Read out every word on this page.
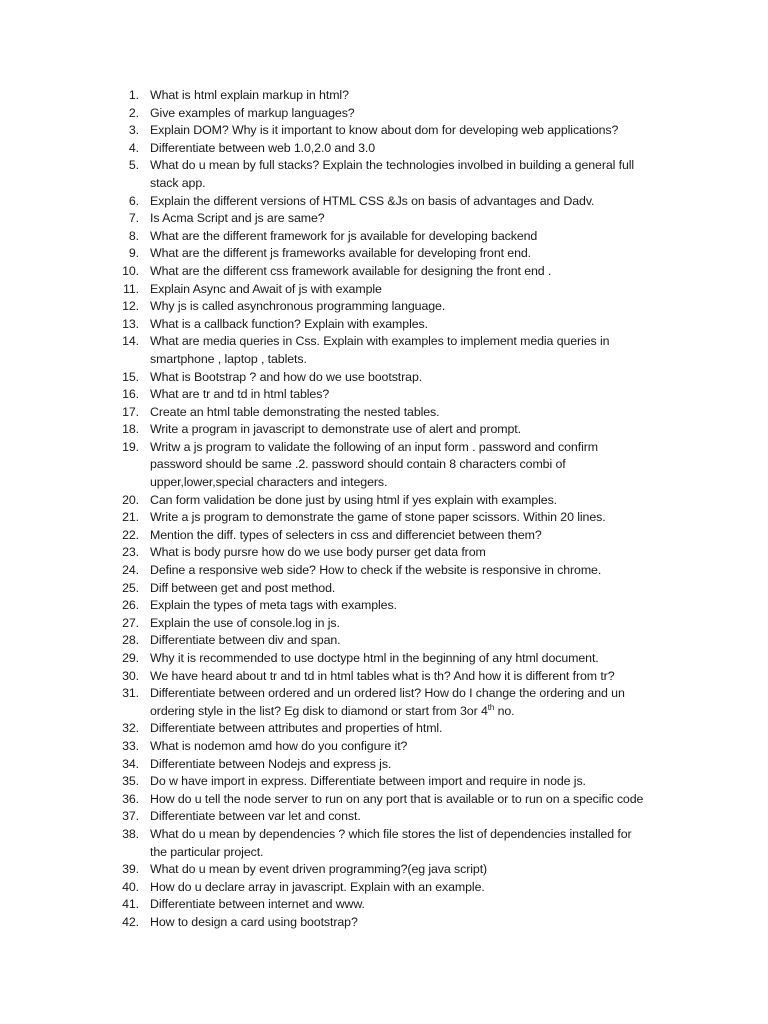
1. What is html explain markup in html?
2. Give examples of markup languages?
3. Explain DOM? Why is it important to know about dom for developing web applications?
4. Differentiate between web 1.0,2.0 and 3.0
5. What do u mean by full stacks? Explain the technologies involbed in building a general full
stack app.
6. Explain the different versions of HTML CSS &Js on basis of advantages and Dadv.
7. Is Acma Script and js are same?
8. What are the different framework for js available for developing backend
9. What are the different js frameworks available for developing front end.
10. What are the different css framework available for designing the front end .
11. Explain Async and Await of js with example
12. Why js is called asynchronous programming language.
13. What is a callback function? Explain with examples.
14. What are media queries in Css. Explain with examples to implement media queries in
smartphone , laptop , tablets.
15. What is Bootstrap ? and how do we use bootstrap.
16. What are tr and td in html tables?
17. Create an html table demonstrating the nested tables.
18. Write a program in javascript to demonstrate use of alert and prompt.
19. Writw a js program to validate the following of an input form . password and confirm
password should be same .2. password should contain 8 characters combi of
upper,lower,special characters and integers.
20. Can form validation be done just by using html if yes explain with examples.
21. Write a js program to demonstrate the game of stone paper scissors. Within 20 lines.
22. Mention the diff. types of selecters in css and differenciet between them?
23. What is body pursre how do we use body purser get data from
24. Define a responsive web side? How to check if the website is responsive in chrome.
25. Diff between get and post method.
26. Explain the types of meta tags with examples.
27. Explain the use of console.log in js.
28. Differentiate between div and span.
29. Why it is recommended to use doctype html in the beginning of any html document.
30. We have heard about tr and td in html tables what is th? And how it is different from tr?
31. Differentiate between ordered and un ordered list? How do I change the ordering and un
ordering style in the list? Eg disk to diamond or start from 3or 4th no.
32. Differentiate between attributes and properties of html.
33. What is nodemon amd how do you configure it?
34. Differentiate between Nodejs and express js.
35. Do w have import in express. Differentiate between import and require in node js.
36. How do u tell the node server to run on any port that is available or to run on a specific code
37. Differentiate between var let and const.
38. What do u mean by dependencies ? which file stores the list of dependencies installed for
the particular project.
39. What do u mean by event driven programming?(eg java script)
40. How do u declare array in javascript. Explain with an example.
41. Differentiate between internet and www.
42. How to design a card using bootstrap?
